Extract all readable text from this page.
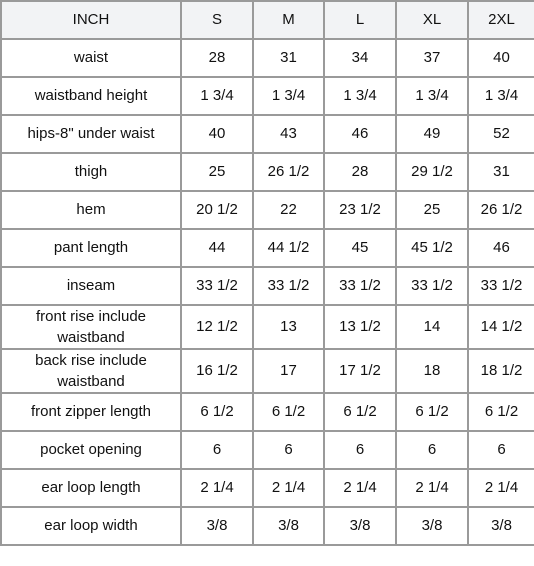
INCH	S	M	L	XL	2XL
waist	28	31	34	37	40
waistband height	1 3/4	1 3/4	1 3/4	1 3/4	1 3/4
hips-8" under waist	40	43	46	49	52
thigh	25	26 1/2	28	29 1/2	31
hem	20 1/2	22	23 1/2	25	26 1/2
pant length	44	44 1/2	45	45 1/2	46
inseam	33 1/2	33 1/2	33 1/2	33 1/2	33 1/2
front rise include waistband	12 1/2	13	13 1/2	14	14 1/2
back rise include waistband	16 1/2	17	17 1/2	18	18 1/2
front zipper length	6 1/2	6 1/2	6 1/2	6 1/2	6 1/2
pocket opening	6	6	6	6	6
ear loop length	2 1/4	2 1/4	2 1/4	2 1/4	2 1/4
ear loop width	3/8	3/8	3/8	3/8	3/8
